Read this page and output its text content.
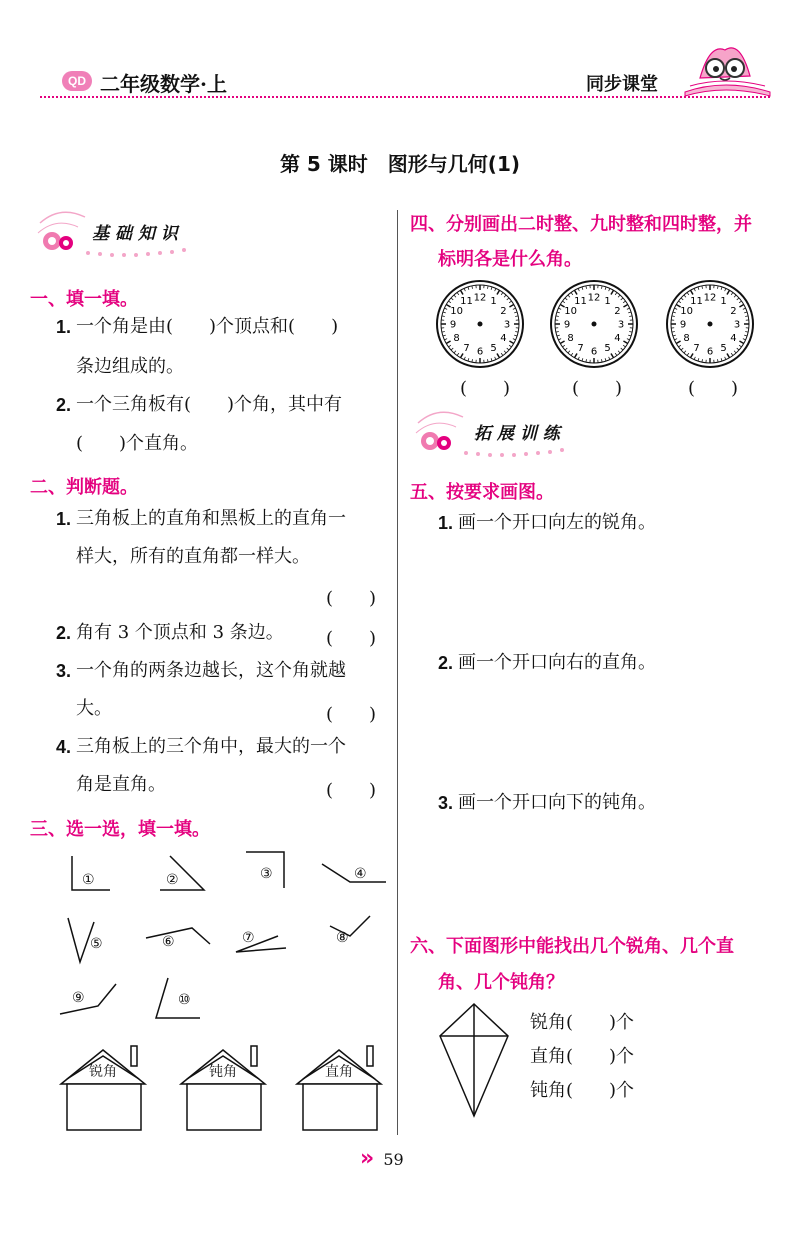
QD 二年级数学·上	同步课堂
第 5 课时　图形与几何(1)
基 础 知 识
一、填一填。
1. 一个角是由(　　)个顶点和(　　)
条边组成的。
2. 一个三角板有(　　)个角，其中有
(　　)个直角。
二、判断题。
1. 三角板上的直角和黑板上的直角一
样大，所有的直角都一样大。
(　　)
2. 角有 3 个顶点和 3 条边。 (　　)
3. 一个角的两条边越长，这个角就越
大。	(　　)
4. 三角板上的三个角中，最大的一个
角是直角。	(　　)
三、选一选，填一填。
①	②	③	④
⑤	⑥	⑦	⑧
⑨	⑩
锐角	钝角	直角
四、分别画出二时整、九时整和四时整，并
标明各是什么角。
12 1
2
3
4
5
6
7
8
9
10
11	12 1
2
3
4
5
6
7
8
9
10
11	12 1
2
3
4
5
6
7
8
9
10
11
(　　)	(　　)	(　　)
拓 展 训 练
五、按要求画图。
1. 画一个开口向左的锐角。
2. 画一个开口向右的直角。
3. 画一个开口向下的钝角。
六、下面图形中能找出几个锐角、几个直
角、几个钝角？
锐角(　　)个
直角(　　)个
钝角(　　)个
» 59
